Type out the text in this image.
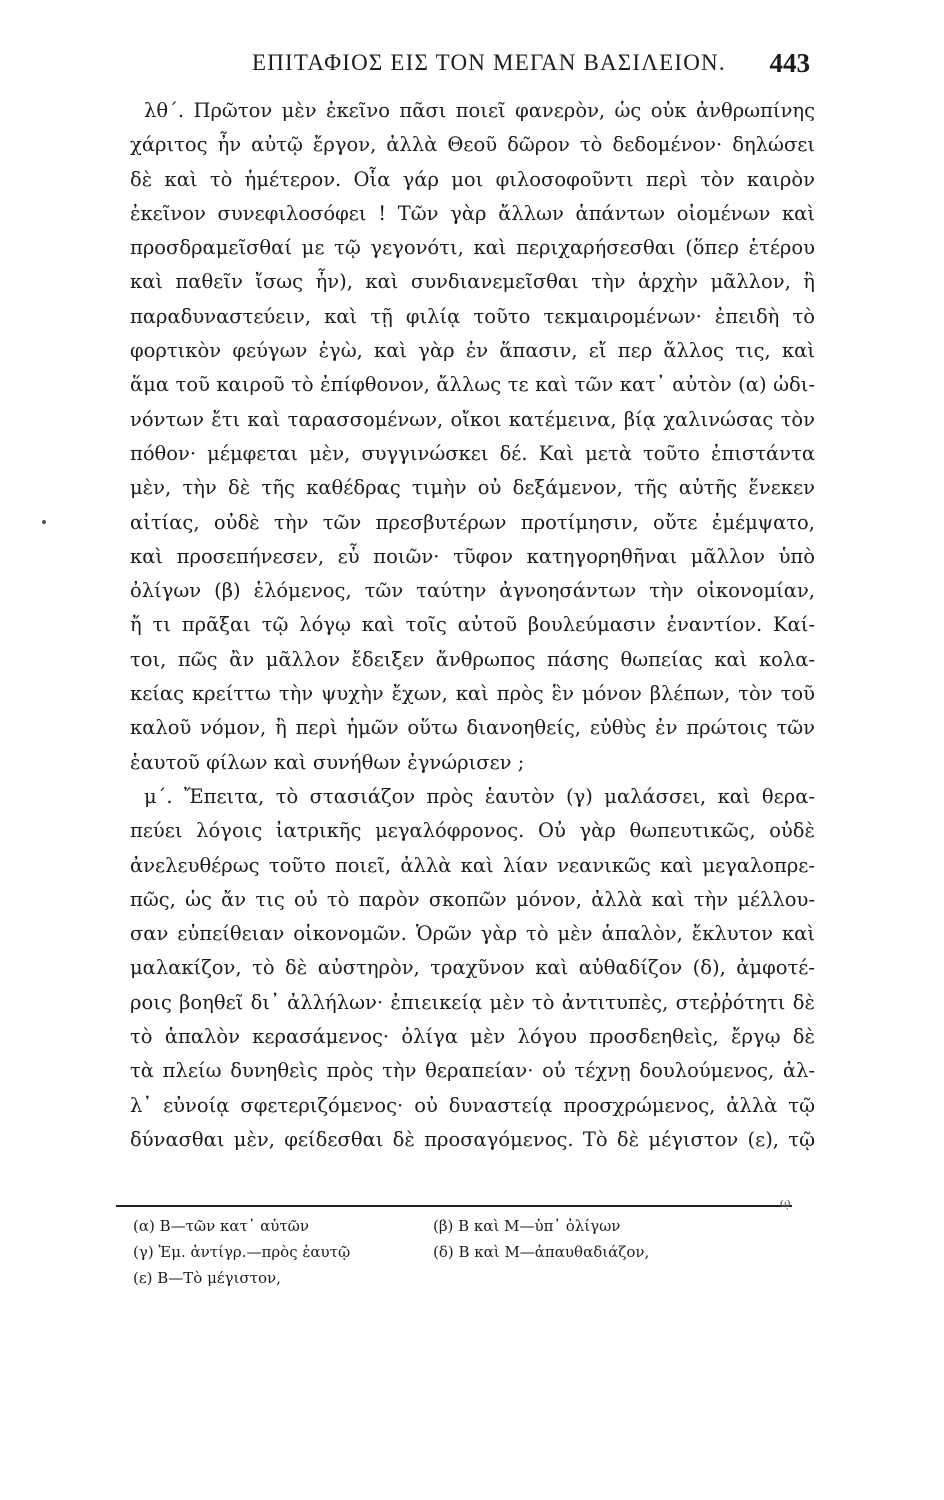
ΕΠΙΤΑΦΙΟΣ ΕΙΣ ΤΟΝ ΜΕΓΑΝ ΒΑΣΙΛΕΙΟΝ. 443
λθ΄. Πρῶτον μὲν ἐκεῖνο πᾶσι ποιεῖ φανερὸν, ὡς οὐκ ἀνθρωπίνης
χάριτος ἦν αὐτῷ ἔργον, ἀλλὰ Θεοῦ δῶρον τὸ δεδομένον· δηλώσει
δὲ καὶ τὸ ἡμέτερον. Οἷα γάρ μοι φιλοσοφοῦντι περὶ τὸν καιρὸν
ἐκεῖνον συνεφιλοσόφει ! Τῶν γὰρ ἄλλων ἁπάντων οἰομένων καὶ
προσδραμεῖσθαί με τῷ γεγονότι, καὶ περιχαρήσεσθαι (ὅπερ ἑτέρου
καὶ παθεῖν ἴσως ἦν), καὶ συνδιανεμεῖσθαι τὴν ἀρχὴν μᾶλλον, ἢ
παραδυναστεύειν, καὶ τῇ φιλίᾳ τοῦτο τεκμαιρομένων· ἐπειδὴ τὸ
φορτικὸν φεύγων ἐγὼ, καὶ γὰρ ἐν ἅπασιν, εἴ περ ἄλλος τις, καὶ
ἅμα τοῦ καιροῦ τὸ ἐπίφθονον, ἄλλως τε καὶ τῶν κατ᾽ αὐτὸν (α) ὠδι-
νόντων ἔτι καὶ ταρασσομένων, οἴκοι κατέμεινα, βίᾳ χαλινώσας τὸν
πόθον· μέμφεται μὲν, συγγινώσκει δέ. Καὶ μετὰ τοῦτο ἐπιστάντα
μὲν, τὴν δὲ τῆς καθέδρας τιμὴν οὐ δεξάμενον, τῆς αὐτῆς ἕνεκεν
αἰτίας, οὐδὲ τὴν τῶν πρεσβυτέρων προτίμησιν, οὔτε ἐμέμψατο,
καὶ προσεπήνεσεν, εὖ ποιῶν· τῦφον κατηγορηθῆναι μᾶλλον ὑπὸ
ὀλίγων (β) ἑλόμενος, τῶν ταύτην ἀγνοησάντων τὴν οἰκονομίαν,
ἤ τι πρᾶξαι τῷ λόγῳ καὶ τοῖς αὐτοῦ βουλεύμασιν ἐναντίον. Καί-
τοι, πῶς ἂν μᾶλλον ἔδειξεν ἄνθρωπος πάσης θωπείας καὶ κολα-
κείας κρείττω τὴν ψυχὴν ἔχων, καὶ πρὸς ἓν μόνον βλέπων, τὸν τοῦ
καλοῦ νόμον, ἢ περὶ ἡμῶν οὕτω διανοηθείς, εὐθὺς ἐν πρώτοις τῶν
ἑαυτοῦ φίλων καὶ συνήθων ἐγνώρισεν ;
μ΄. Ἔπειτα, τὸ στασιάζον πρὸς ἑαυτὸν (γ) μαλάσσει, καὶ θερα-
πεύει λόγοις ἰατρικῆς μεγαλόφρονος. Οὐ γὰρ θωπευτικῶς, οὐδὲ
ἀνελευθέρως τοῦτο ποιεῖ, ἀλλὰ καὶ λίαν νεανικῶς καὶ μεγαλοπρε-
πῶς, ὡς ἄν τις οὐ τὸ παρὸν σκοπῶν μόνον, ἀλλὰ καὶ τὴν μέλλου-
σαν εὐπείθειαν οἰκονομῶν. Ὁρῶν γὰρ τὸ μὲν ἁπαλὸν, ἔκλυτον καὶ
μαλακίζον, τὸ δὲ αὐστηρὸν, τραχῦνον καὶ αὐθαδίζον (δ), ἀμφοτέ-
ροις βοηθεῖ δι᾽ ἀλλήλων· ἐπιεικείᾳ μὲν τὸ ἀντιτυπὲς, στεῤῥότητι δὲ
τὸ ἁπαλὸν κερασάμενος· ὀλίγα μὲν λόγου προσδεηθεὶς, ἔργῳ δὲ
τὰ πλείω δυνηθεὶς πρὸς τὴν θεραπείαν· οὐ τέχνῃ δουλούμενος, ἀλ-
λ᾽ εὐνοίᾳ σφετεριζόμενος· οὐ δυναστείᾳ προσχρώμενος, ἀλλὰ τῷ
δύνασθαι μὲν, φείδεσθαι δὲ προσαγόμενος. Τὸ δὲ μέγιστον (ε), τῷ
ω̣
(α) Β—τῶν κατ᾽ αὐτῶν	(β) Β καὶ Μ—ὑπ᾽ ὀλίγων
(γ) Ἐμ. ἀντίγρ.—πρὸς ἑαυτῷ	(δ) Β καὶ Μ—ἀπαυθαδιάζον,
(ε) Β—Τὸ μέγιστον,
